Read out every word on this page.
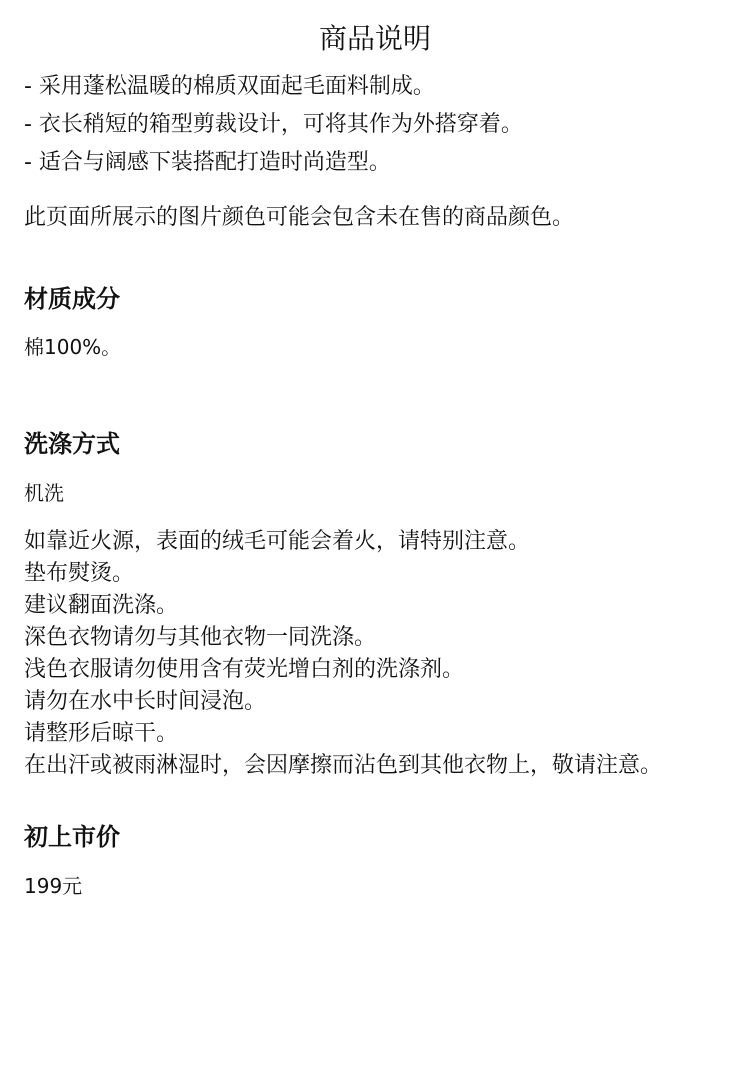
商品说明
- 采用蓬松温暖的棉质双面起毛面料制成。
- 衣长稍短的箱型剪裁设计，可将其作为外搭穿着。
- 适合与阔感下装搭配打造时尚造型。

此页面所展示的图片颜色可能会包含未在售的商品颜色。

材质成分

棉100%。

洗涤方式

机洗

如靠近火源，表面的绒毛可能会着火，请特别注意。
垫布熨烫。
建议翻面洗涤。
深色衣物请勿与其他衣物一同洗涤。
浅色衣服请勿使用含有荧光增白剂的洗涤剂。
请勿在水中长时间浸泡。
请整形后晾干。
在出汗或被雨淋湿时，会因摩擦而沾色到其他衣物上，敬请注意。
初上市价

199元
